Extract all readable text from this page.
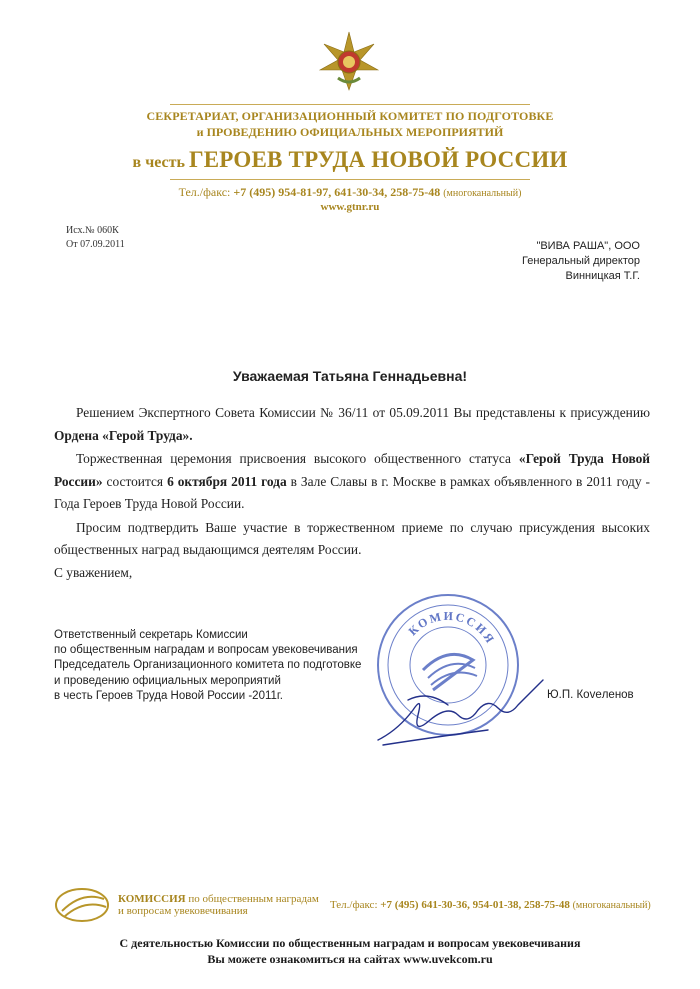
СЕКРЕТАРИАТ, ОРГАНИЗАЦИОННЫЙ КОМИТЕТ ПО ПОДГОТОВКЕ
и ПРОВЕДЕНИЮ ОФИЦИАЛЬНЫХ МЕРОПРИЯТИЙ
в честь ГЕРОЕВ ТРУДА НОВОЙ РОССИИ
Тел./факс: +7 (495) 954-81-97, 641-30-34, 258-75-48 (многоканальный)
www.gtnr.ru
Исх.№ 060К
От 07.09.2011	"ВИВА РАША", ООО
Генеральный директор
Винницкая Т.Г.
Уважаемая Татьяна Геннадьевна!

Решением Экспертного Совета Комиссии № 36/11 от 05.09.2011 Вы представлены к присуждению Ордена «Герой Труда».

Торжественная церемония присвоения высокого общественного статуса «Герой Труда Новой России» состоится 6 октября 2011 года в Зале Славы в г. Москве в рамках объявленного в 2011 году - Года Героев Труда Новой России.

Просим подтвердить Ваше участие в торжественном приеме по случаю присуждения высоких общественных наград выдающимся деятелям России.

С уважением,
КОМИССИЯ
Ответственный секретарь Комиссии
по общественным наградам и вопросам увековечивания
Председатель Организационного комитета по подготовке
и проведению официальных мероприятий
в честь Героев Труда Новой России -2011г.	Ю.П. Коveленов
КОМИССИЯ по общественным наградам
и вопросам увековечивания	Тел./факс: +7 (495) 641-30-36, 954-01-38, 258-75-48 (многоканальный)
С деятельностью Комиссии по общественным наградам и вопросам увековечивания
Вы можете ознакомиться на сайтах www.uvekcom.ru
